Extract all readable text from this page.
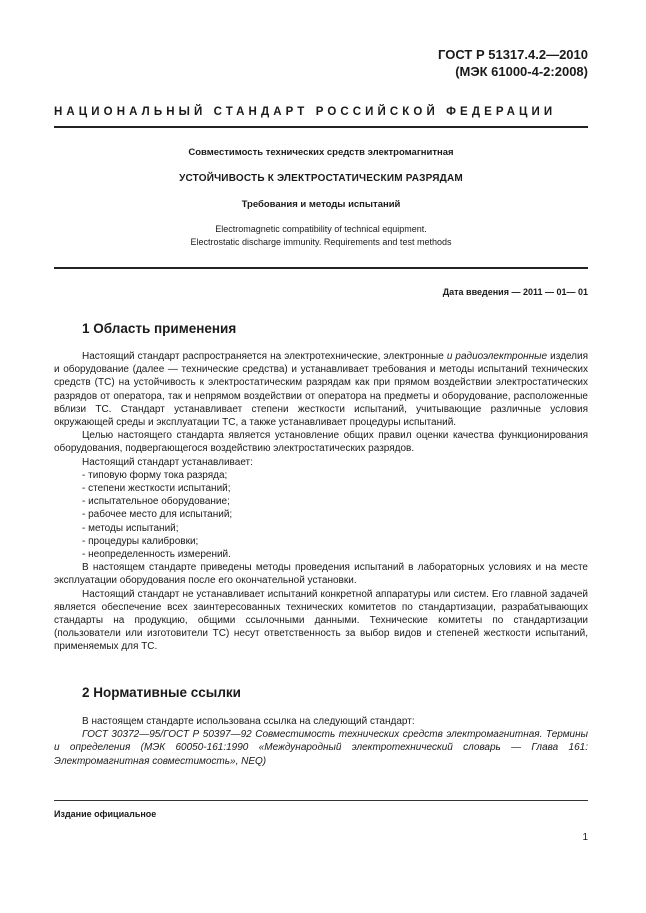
ГОСТ Р 51317.4.2—2010
(МЭК 61000-4-2:2008)
НАЦИОНАЛЬНЫЙ СТАНДАРТ РОССИЙСКОЙ ФЕДЕРАЦИИ
Совместимость технических средств электромагнитная
УСТОЙЧИВОСТЬ К ЭЛЕКТРОСТАТИЧЕСКИМ РАЗРЯДАМ
Требования и методы испытаний
Electromagnetic compatibility of technical equipment.
Electrostatic discharge immunity. Requirements and test methods
Дата введения — 2011 — 01— 01
1 Область применения

Настоящий стандарт распространяется на электротехнические, электронные и радиоэлектронные изделия и оборудование (далее — технические средства) и устанавливает требования и методы испытаний технических средств (ТС) на устойчивость к электростатическим разрядам как при прямом воздействии электростатических разрядов от оператора, так и непрямом воздействии от оператора на предметы и оборудование, расположенные вблизи ТС. Стандарт устанавливает степени жесткости испытаний, учитывающие различные условия окружающей среды и эксплуатации ТС, а также устанавливает процедуры испытаний.

Целью настоящего стандарта является установление общих правил оценки качества функционирования оборудования, подвергающегося воздействию электростатических разрядов.

Настоящий стандарт устанавливает:

- типовую форму тока разряда;

- степени жесткости испытаний;

- испытательное оборудование;

- рабочее место для испытаний;

- методы испытаний;

- процедуры калибровки;

- неопределенность измерений.

В настоящем стандарте приведены методы проведения испытаний в лабораторных условиях и на месте эксплуатации оборудования после его окончательной установки.

Настоящий стандарт не устанавливает испытаний конкретной аппаратуры или систем. Его главной задачей является обеспечение всех заинтересованных технических комитетов по стандартизации, разрабатывающих стандарты на продукцию, общими ссылочными данными. Технические комитеты по стандартизации (пользователи или изготовители ТС) несут ответственность за выбор видов и степеней жесткости испытаний, применяемых для ТС.

2 Нормативные ссылки

В настоящем стандарте использована ссылка на следующий стандарт:

ГОСТ 30372—95/ГОСТ Р 50397—92 Совместимость технических средств электромагнитная. Термины и определения (МЭК 60050-161:1990 «Международный электротехнический словарь — Глава 161: Электромагнитная совместимость», NEQ)

Издание официальное
1
